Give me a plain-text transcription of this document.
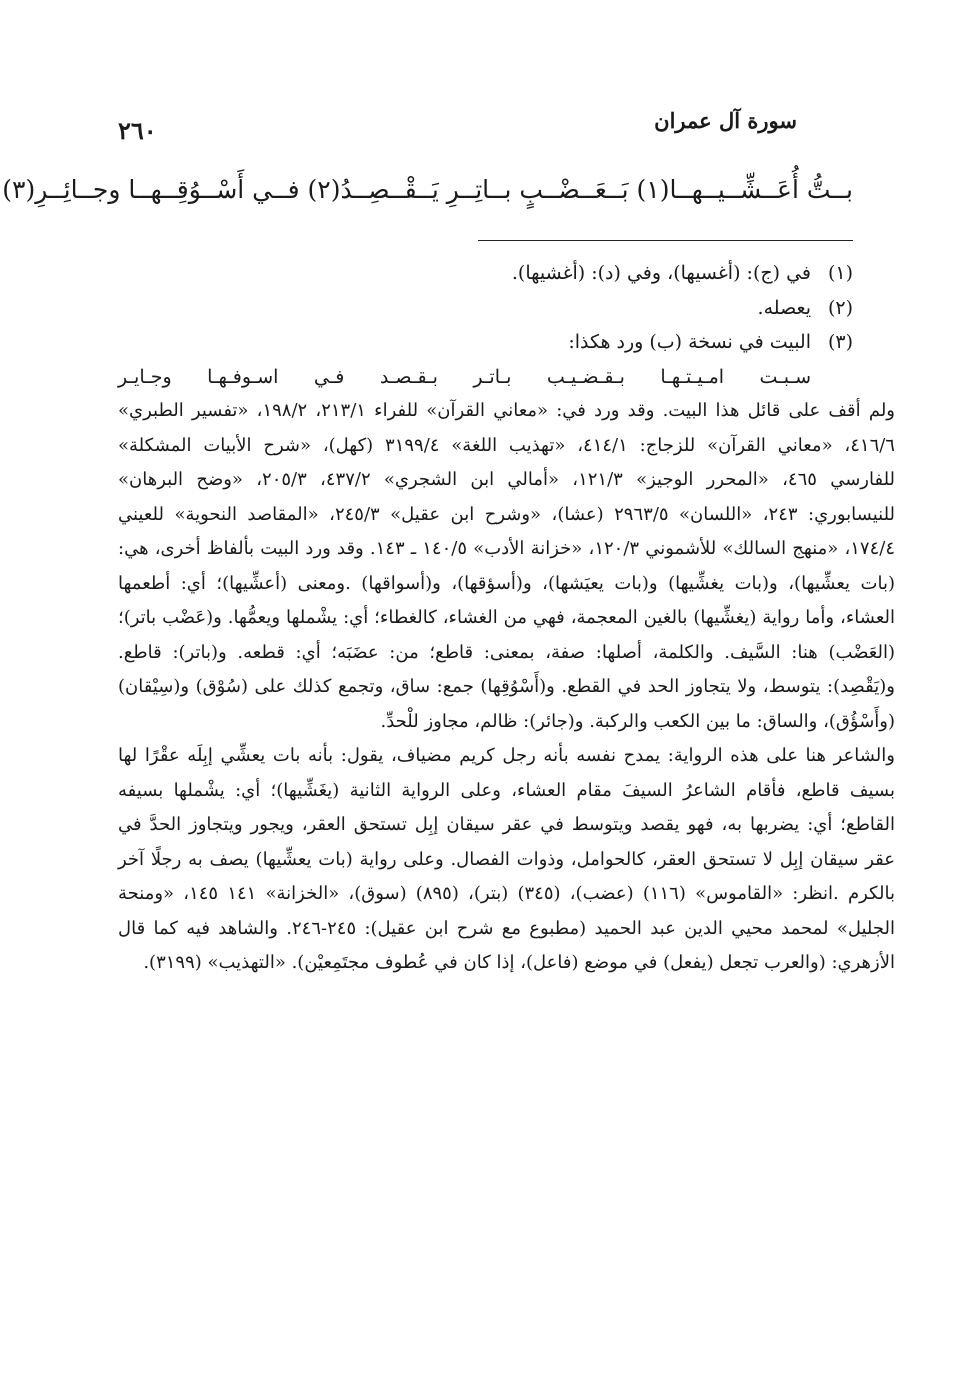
٢٦٠	سورة آل عمران
بــتُّ أُعَــشِّــيــهــا(١) بَــعَــضْــبٍ بــاتِــرِ يَــقْــصِــدُ(٢) فــي أَسْــوُقِــهــا وجــائِــرِ(٣)
(١)
في (ج): (أغسيها)، وفي (د): (أغشيها).
(٢)
يعصله.
(٣)
البيت في نسخة (ب) ورد هكذا:
سـبـت امـيـتـهـا بـقـضـيـب بـاتـر بـقـصـد فـي اسـوفـهـا وجـايـر
ولم أقف على قائل هذا البيت. وقد ورد في: «معاني القرآن» للفراء ٢١٣/١، ١٩٨/٢، «تفسير الطبري» ٤١٦/٦، «معاني القرآن» للزجاج: ٤١٤/١، «تهذيب اللغة» ٣١٩٩/٤ (كهل)، «شرح الأبيات المشكلة» للفارسي ٤٦٥، «المحرر الوجيز» ١٢١/٣، «أمالي ابن الشجري» ٤٣٧/٢، ٢٠٥/٣، «وضح البرهان» للنيسابوري: ٢٤٣، «اللسان» ٢٩٦٣/٥ (عشا)، «وشرح ابن عقيل» ٢٤٥/٣، «المقاصد النحوية» للعيني ١٧٤/٤، «منهج السالك» للأشموني ١٢٠/٣، «خزانة الأدب» ١٤٠/٥ ـ ١٤٣. وقد ورد البيت بألفاظ أخرى، هي: (بات يعشِّيها)، و(بات يغشِّيها) و(بات يعيَشها)، و(أسؤقها)، و(أسواقها) .ومعنى (أعشِّيها)؛ أي: أطعمها العشاء، وأما رواية (يغشِّيها) بالغين المعجمة، فهي من الغشاء، كالغطاء؛ أي: يشْملها ويعمُّها. و(عَضْب باتر)؛ (العَضْب) هنا: السَّيف. والكلمة، أصلها: صفة، بمعنى: قاطع؛ من: عضَبَه؛ أي: قطعه. و(باتر): قاطع. و(يَقْصِد): يتوسط، ولا يتجاوز الحد في القطع. و(أَسْوُقِها) جمع: ساق، وتجمع كذلك على (سُوْق) و(سِيْقان) (وأَسْؤُق)، والساق: ما بين الكعب والركبة. و(جائر): ظالم، مجاوز للْحدِّ.
والشاعر هنا على هذه الرواية: يمدح نفسه بأنه رجل كريم مضياف، يقول: بأنه بات يعشِّي إبِلَه عقْرًا لها بسيف قاطع، فأقام الشاعرُ السيفَ مقام العشاء، وعلى الرواية الثانية (يغَشِّيها)؛ أي: يشْملها بسيفه القاطع؛ أي: يضربها به، فهو يقصد ويتوسط في عقر سيقان إبِل تستحق العقر، ويجور ويتجاوز الحدَّ في عقر سيقان إبِل لا تستحق العقر، كالحوامل، وذوات الفصال. وعلى رواية (بات يعشِّيها) يصف به رجلًا آخر بالكرم .انظر: «القاموس» (١١٦) (عضب)، (٣٤٥) (بتر)، (٨٩٥) (سوق)، «الخزانة» ١٤١ ١٤٥، «ومنحة الجليل» لمحمد محيي الدين عبد الحميد (مطبوع مع شرح ابن عقيل): ٢٤٥-٢٤٦. والشاهد فيه كما قال الأزهري: (والعرب تجعل (يفعل) في موضع (فاعل)، إذا كان في عُطوف مجتَمِعيْن). «التهذيب» (٣١٩٩).
